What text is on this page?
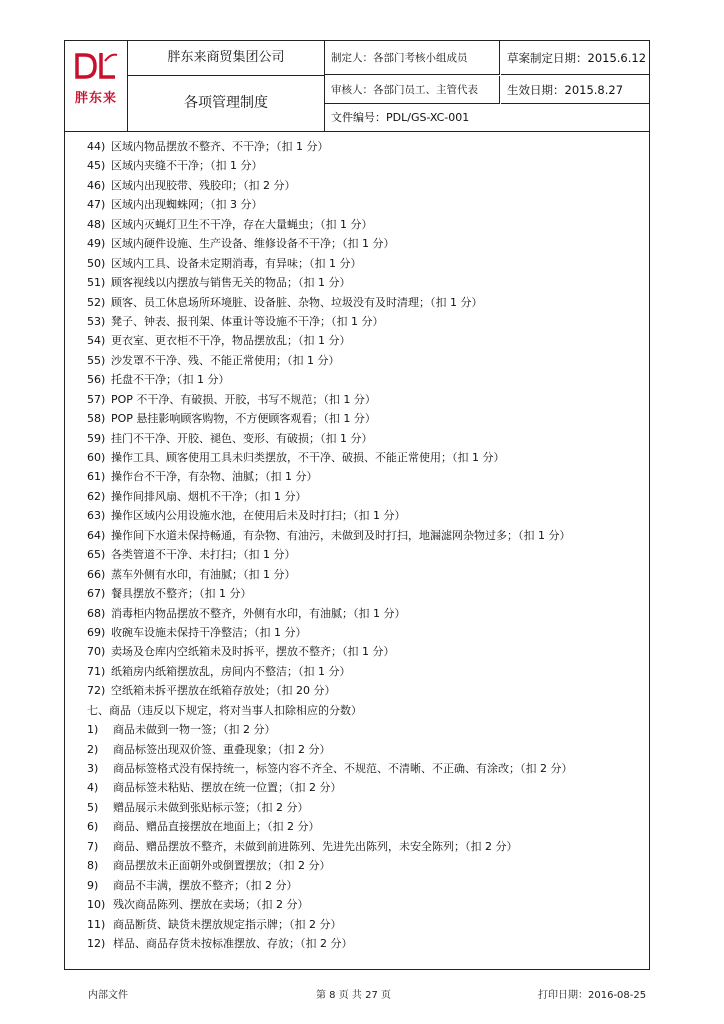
胖东来
胖东来商贸集团公司
各项管理制度
制定人：各部门考核小组成员	草案制定日期：2015.6.12
审核人：各部门员工、主管代表	生效日期：2015.8.27
文件编号：PDL/GS-XC-001
44) 区域内物品摆放不整齐、不干净；（扣 1 分）
45) 区域内夹缝不干净；（扣 1 分）
46) 区域内出现胶带、残胶印；（扣 2 分）
47) 区域内出现蜘蛛网；（扣 3 分）
48) 区域内灭蝇灯卫生不干净，存在大量蝇虫；（扣 1 分）
49) 区域内硬件设施、生产设备、维修设备不干净；（扣 1 分）
50) 区域内工具、设备未定期消毒，有异味；（扣 1 分）
51) 顾客视线以内摆放与销售无关的物品；（扣 1 分）
52) 顾客、员工休息场所环境脏、设备脏、杂物、垃圾没有及时清理；（扣 1 分）
53) 凳子、钟表、报刊架、体重计等设施不干净；（扣 1 分）
54) 更衣室、更衣柜不干净，物品摆放乱；（扣 1 分）
55) 沙发罩不干净、残、不能正常使用；（扣 1 分）
56) 托盘不干净；（扣 1 分）
57) POP 不干净、有破损、开胶，书写不规范；（扣 1 分）
58) POP 悬挂影响顾客购物，不方便顾客观看；（扣 1 分）
59) 挂门不干净、开胶、褪色、变形、有破损；（扣 1 分）
60) 操作工具、顾客使用工具未归类摆放，不干净、破损、不能正常使用；（扣 1 分）
61) 操作台不干净，有杂物、油腻；（扣 1 分）
62) 操作间排风扇、烟机不干净；（扣 1 分）
63) 操作区域内公用设施水池，在使用后未及时打扫；（扣 1 分）
64) 操作间下水道未保持畅通，有杂物、有油污，未做到及时打扫，地漏滤网杂物过多；（扣 1 分）
65) 各类管道不干净、未打扫；（扣 1 分）
66) 蒸车外侧有水印，有油腻；（扣 1 分）
67) 餐具摆放不整齐；（扣 1 分）
68) 消毒柜内物品摆放不整齐，外侧有水印，有油腻；（扣 1 分）
69) 收碗车设施未保持干净整洁；（扣 1 分）
70) 卖场及仓库内空纸箱未及时拆平，摆放不整齐；（扣 1 分）
71) 纸箱房内纸箱摆放乱，房间内不整洁；（扣 1 分）
72) 空纸箱未拆平摆放在纸箱存放处；（扣 20 分）
七、商品（违反以下规定，将对当事人扣除相应的分数）
1) 商品未做到一物一签；（扣 2 分）
2) 商品标签出现双价签、重叠现象；（扣 2 分）
3) 商品标签格式没有保持统一，标签内容不齐全、不规范、不清晰、不正确、有涂改；（扣 2 分）
4) 商品标签未粘贴、摆放在统一位置；（扣 2 分）
5) 赠品展示未做到张贴标示签；（扣 2 分）
6) 商品、赠品直接摆放在地面上；（扣 2 分）
7) 商品、赠品摆放不整齐，未做到前进陈列、先进先出陈列，未安全陈列；（扣 2 分）
8) 商品摆放未正面朝外或倒置摆放；（扣 2 分）
9) 商品不丰满，摆放不整齐；（扣 2 分）
10) 残次商品陈列、摆放在卖场；（扣 2 分）
11) 商品断货、缺货未摆放规定指示牌；（扣 2 分）
12) 样品、商品存货未按标准摆放、存放；（扣 2 分）
内部文件	第 8 页 共 27 页	打印日期：2016-08-25
